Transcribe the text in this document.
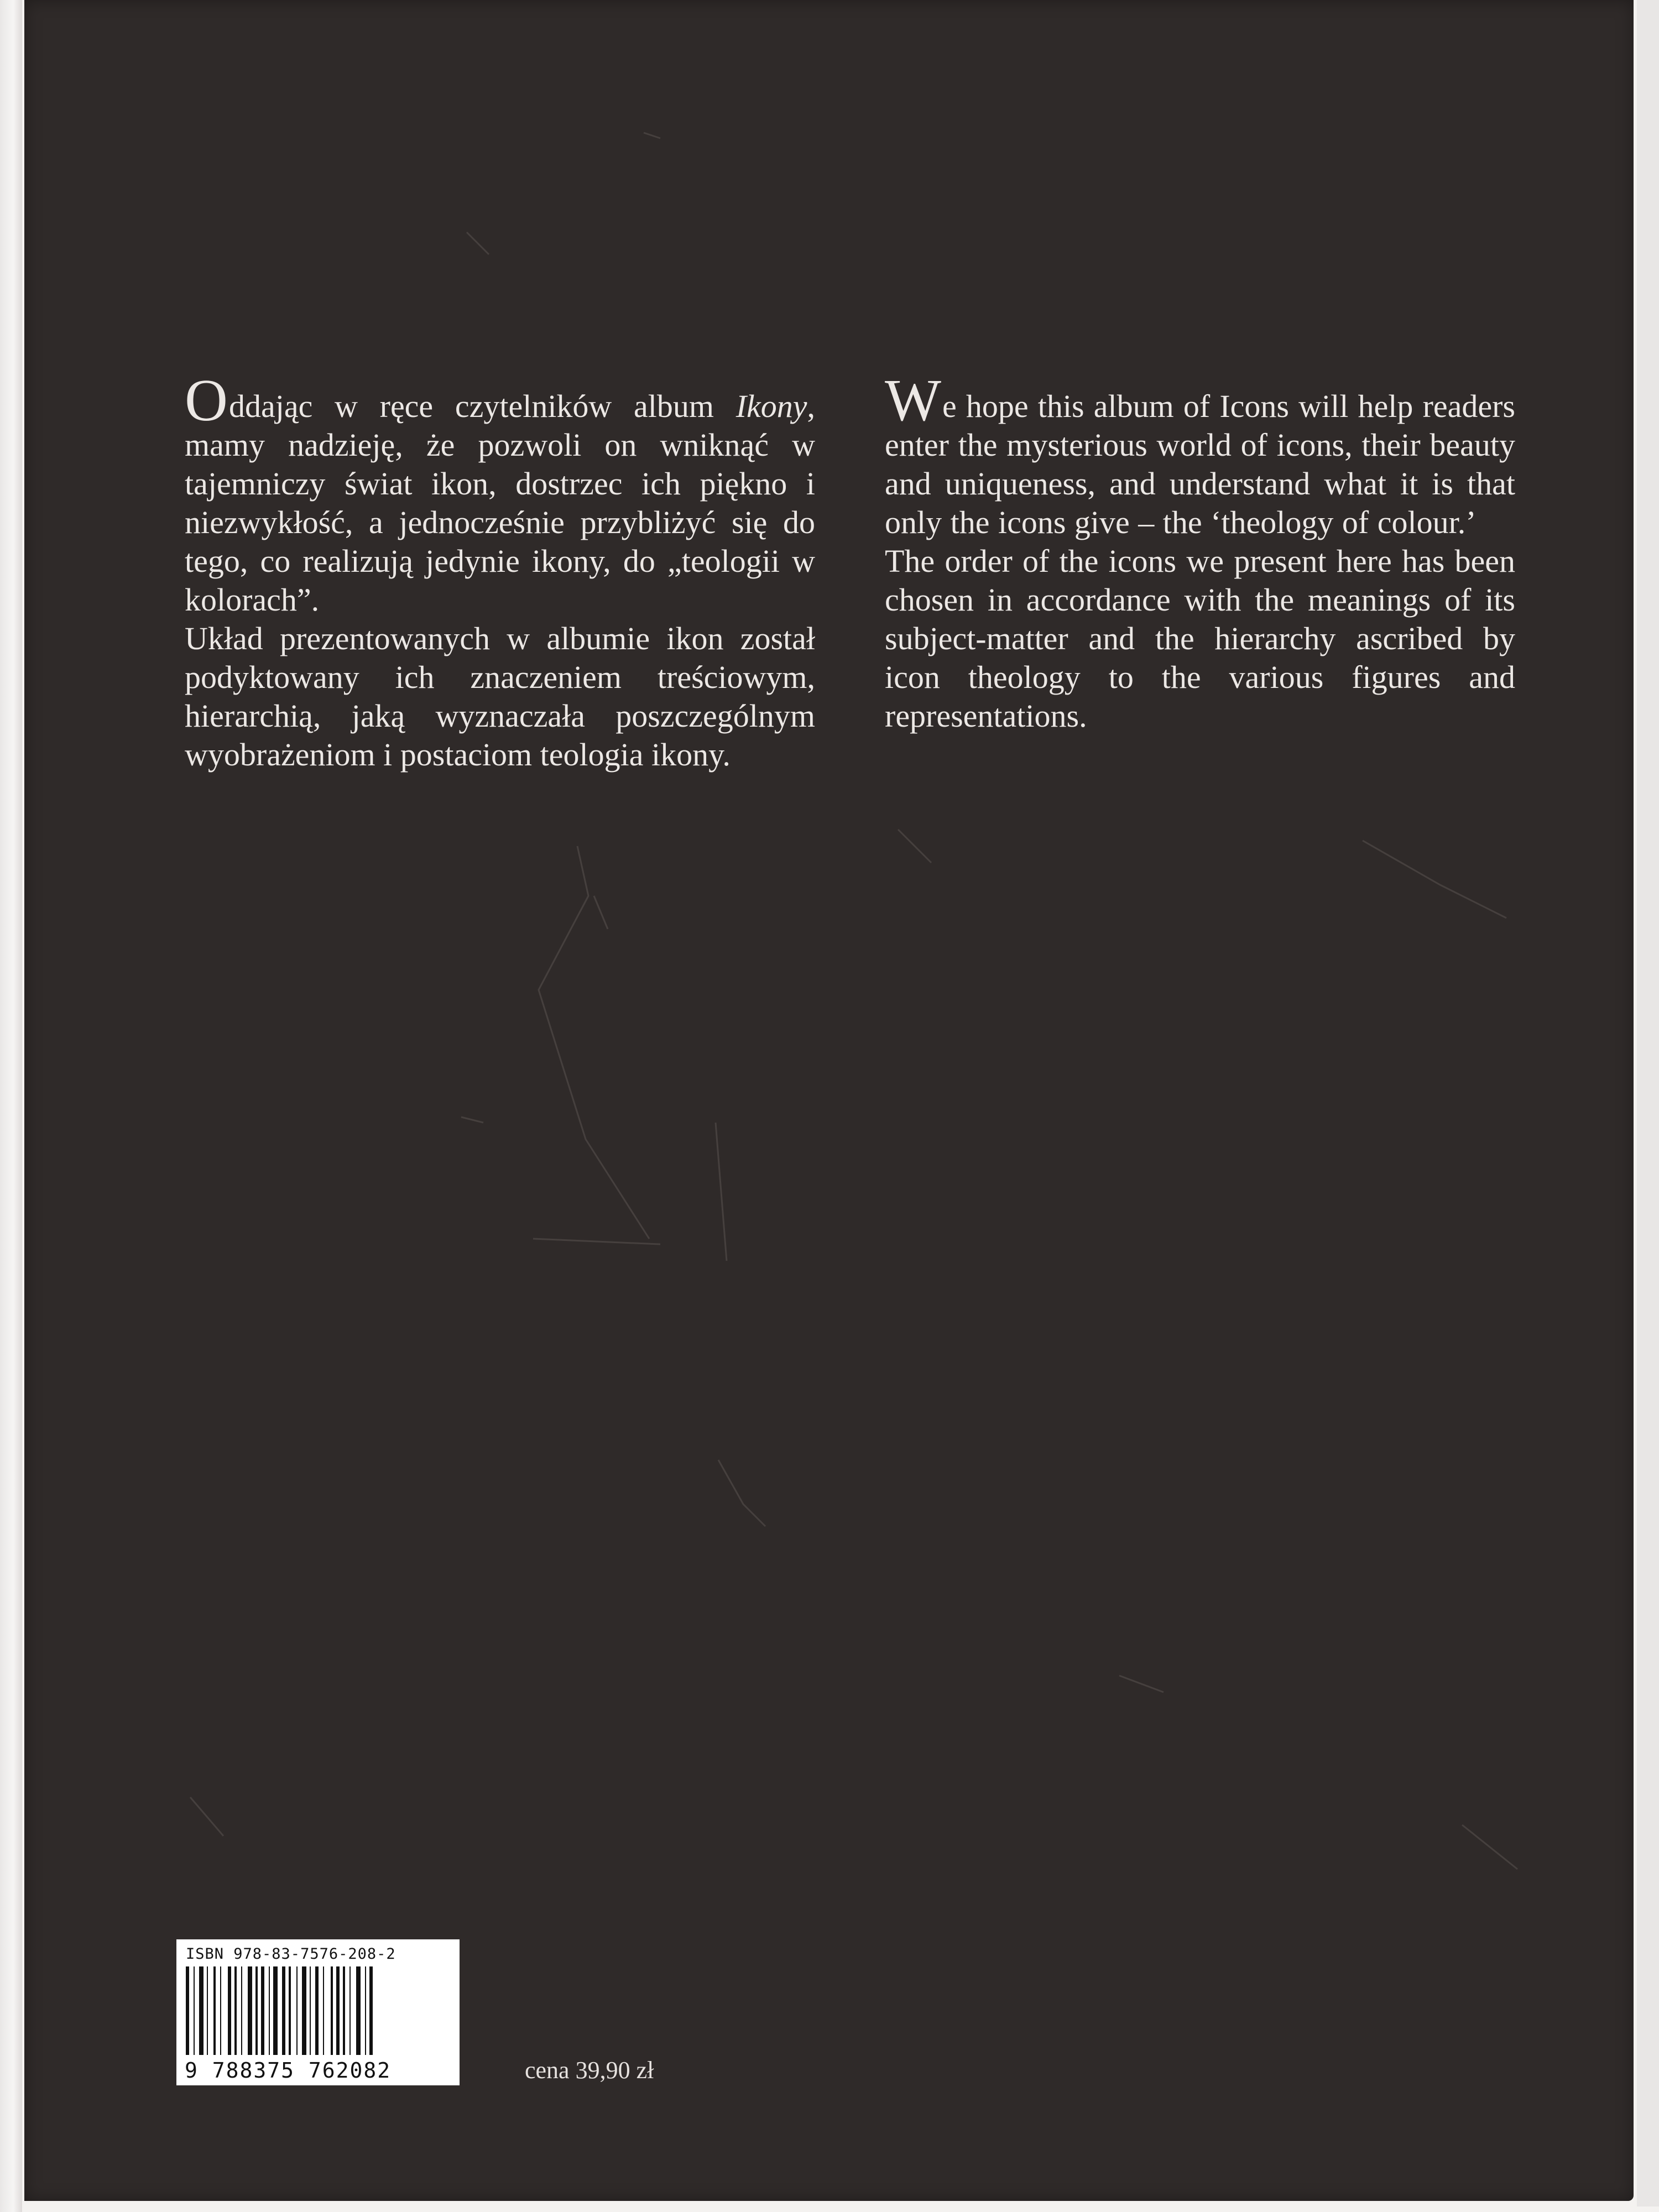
Oddając w ręce czytelników album Ikony, mamy nadzieję, że pozwoli on wniknąć w tajemniczy świat ikon, dostrzec ich piękno i niezwykłość, a jednocześnie przybliżyć się do tego, co realizują jedynie ikony, do „teologii w kolorach”.

Układ prezentowanych w albumie ikon został podyktowany ich znaczeniem treściowym, hierarchią, jaką wyznaczała poszczególnym wyobrażeniom i postaciom teologia ikony.

We hope this album of Icons will help readers enter the mysterious world of icons, their beauty and uniqueness, and understand what it is that only the icons give – the ‘theology of colour.’

The order of the icons we present here has been chosen in accordance with the meanings of its subject-matter and the hierarchy ascribed by icon theology to the various figures and representations.

ISBN 978-83-7576-208-2
9 788375 762082	cena 39,90 zł
